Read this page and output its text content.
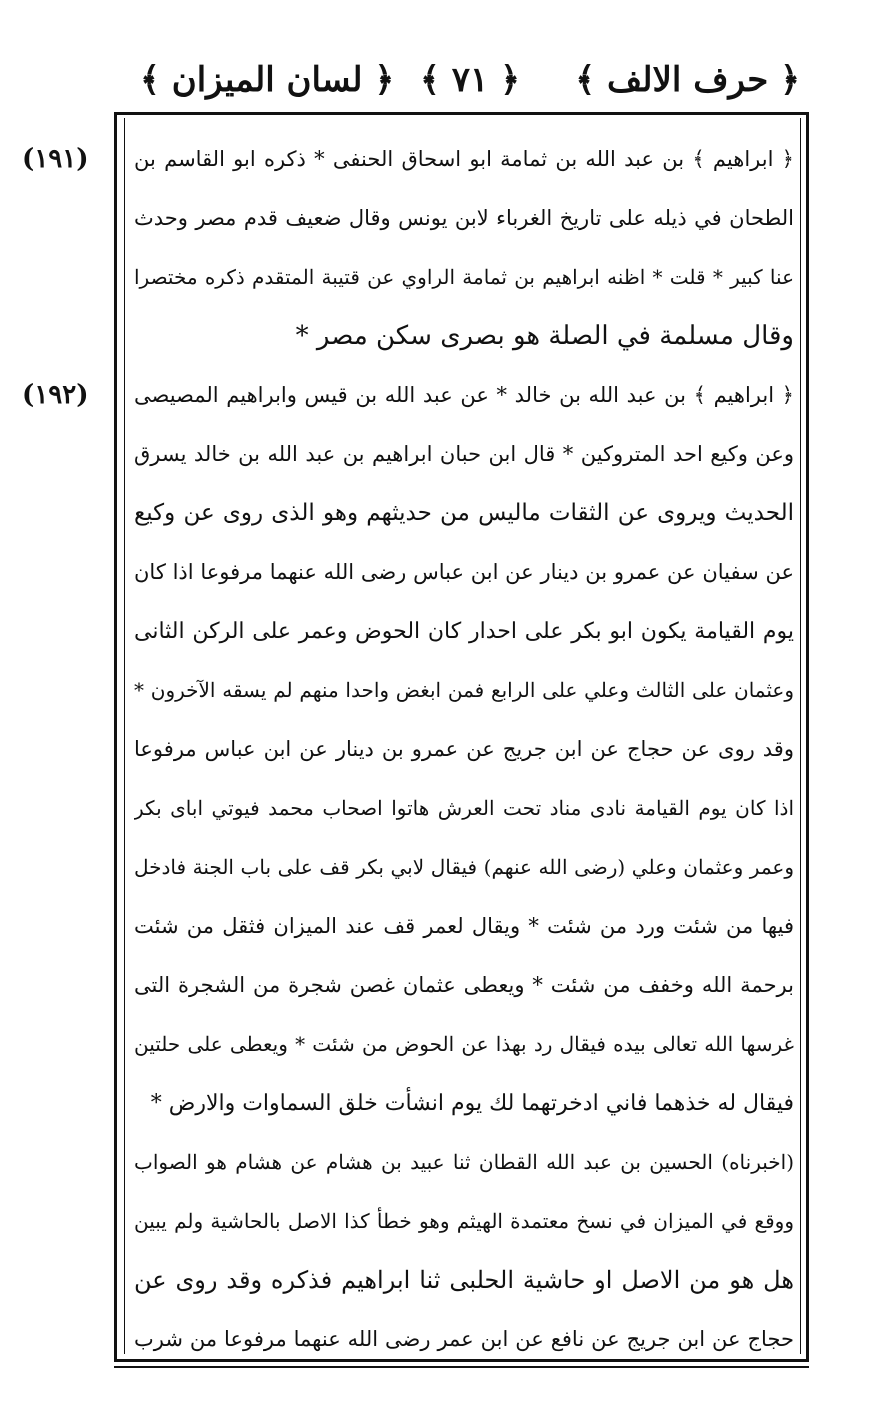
﴿ حرف الالف ﴾
﴿ ٧١ ﴾
﴿ لسان الميزان ﴾
(١٩١)
(١٩٢)
﴿ ابراهيم ﴾ بن عبد الله بن ثمامة ابو اسحاق الحنفى * ذكره ابو القاسم بن
الطحان في ذيله على تاريخ الغرباء لابن يونس وقال ضعيف قدم مصر وحدث
عنا كبير * قلت * اظنه ابراهيم بن ثمامة الراوي عن قتيبة المتقدم ذكره مختصرا
وقال مسلمة في الصلة هو بصرى سكن مصر *
﴿ ابراهيم ﴾ بن عبد الله بن خالد * عن عبد الله بن قيس وابراهيم المصيصى
وعن وكيع احد المتروكين * قال ابن حبان ابراهيم بن عبد الله بن خالد يسرق
الحديث ويروى عن الثقات ماليس من حديثهم وهو الذى روى عن وكيع
عن سفيان عن عمرو بن دينار عن ابن عباس رضى الله عنهما مرفوعا اذا كان
يوم القيامة يكون ابو بكر على احدار كان الحوض وعمر على الركن الثانى
وعثمان على الثالث وعلي على الرابع فمن ابغض واحدا منهم لم يسقه الآخرون *
وقد روى عن حجاج عن ابن جريج عن عمرو بن دينار عن ابن عباس مرفوعا
اذا كان يوم القيامة نادى مناد تحت العرش هاتوا اصحاب محمد فيوتي اباى بكر
وعمر وعثمان وعلي (رضى الله عنهم) فيقال لابي بكر قف على باب الجنة فادخل
فيها من شئت ورد من شئت * ويقال لعمر قف عند الميزان فثقل من شئت
برحمة الله وخفف من شئت * ويعطى عثمان غصن شجرة من الشجرة التى
غرسها الله تعالى بيده فيقال رد بهذا عن الحوض من شئت * ويعطى على حلتين
فيقال له خذهما فاني ادخرتهما لك يوم انشأت خلق السماوات والارض *
(اخبرناه) الحسين بن عبد الله القطان ثنا عبيد بن هشام عن هشام هو الصواب
ووقع في الميزان في نسخ معتمدة الهيثم وهو خطأ كذا الاصل بالحاشية ولم يبين
هل هو من الاصل او حاشية الحلبى ثنا ابراهيم فذكره وقد روى عن
حجاج عن ابن جريج عن نافع عن ابن عمر رضى الله عنهما مرفوعا من شرب
